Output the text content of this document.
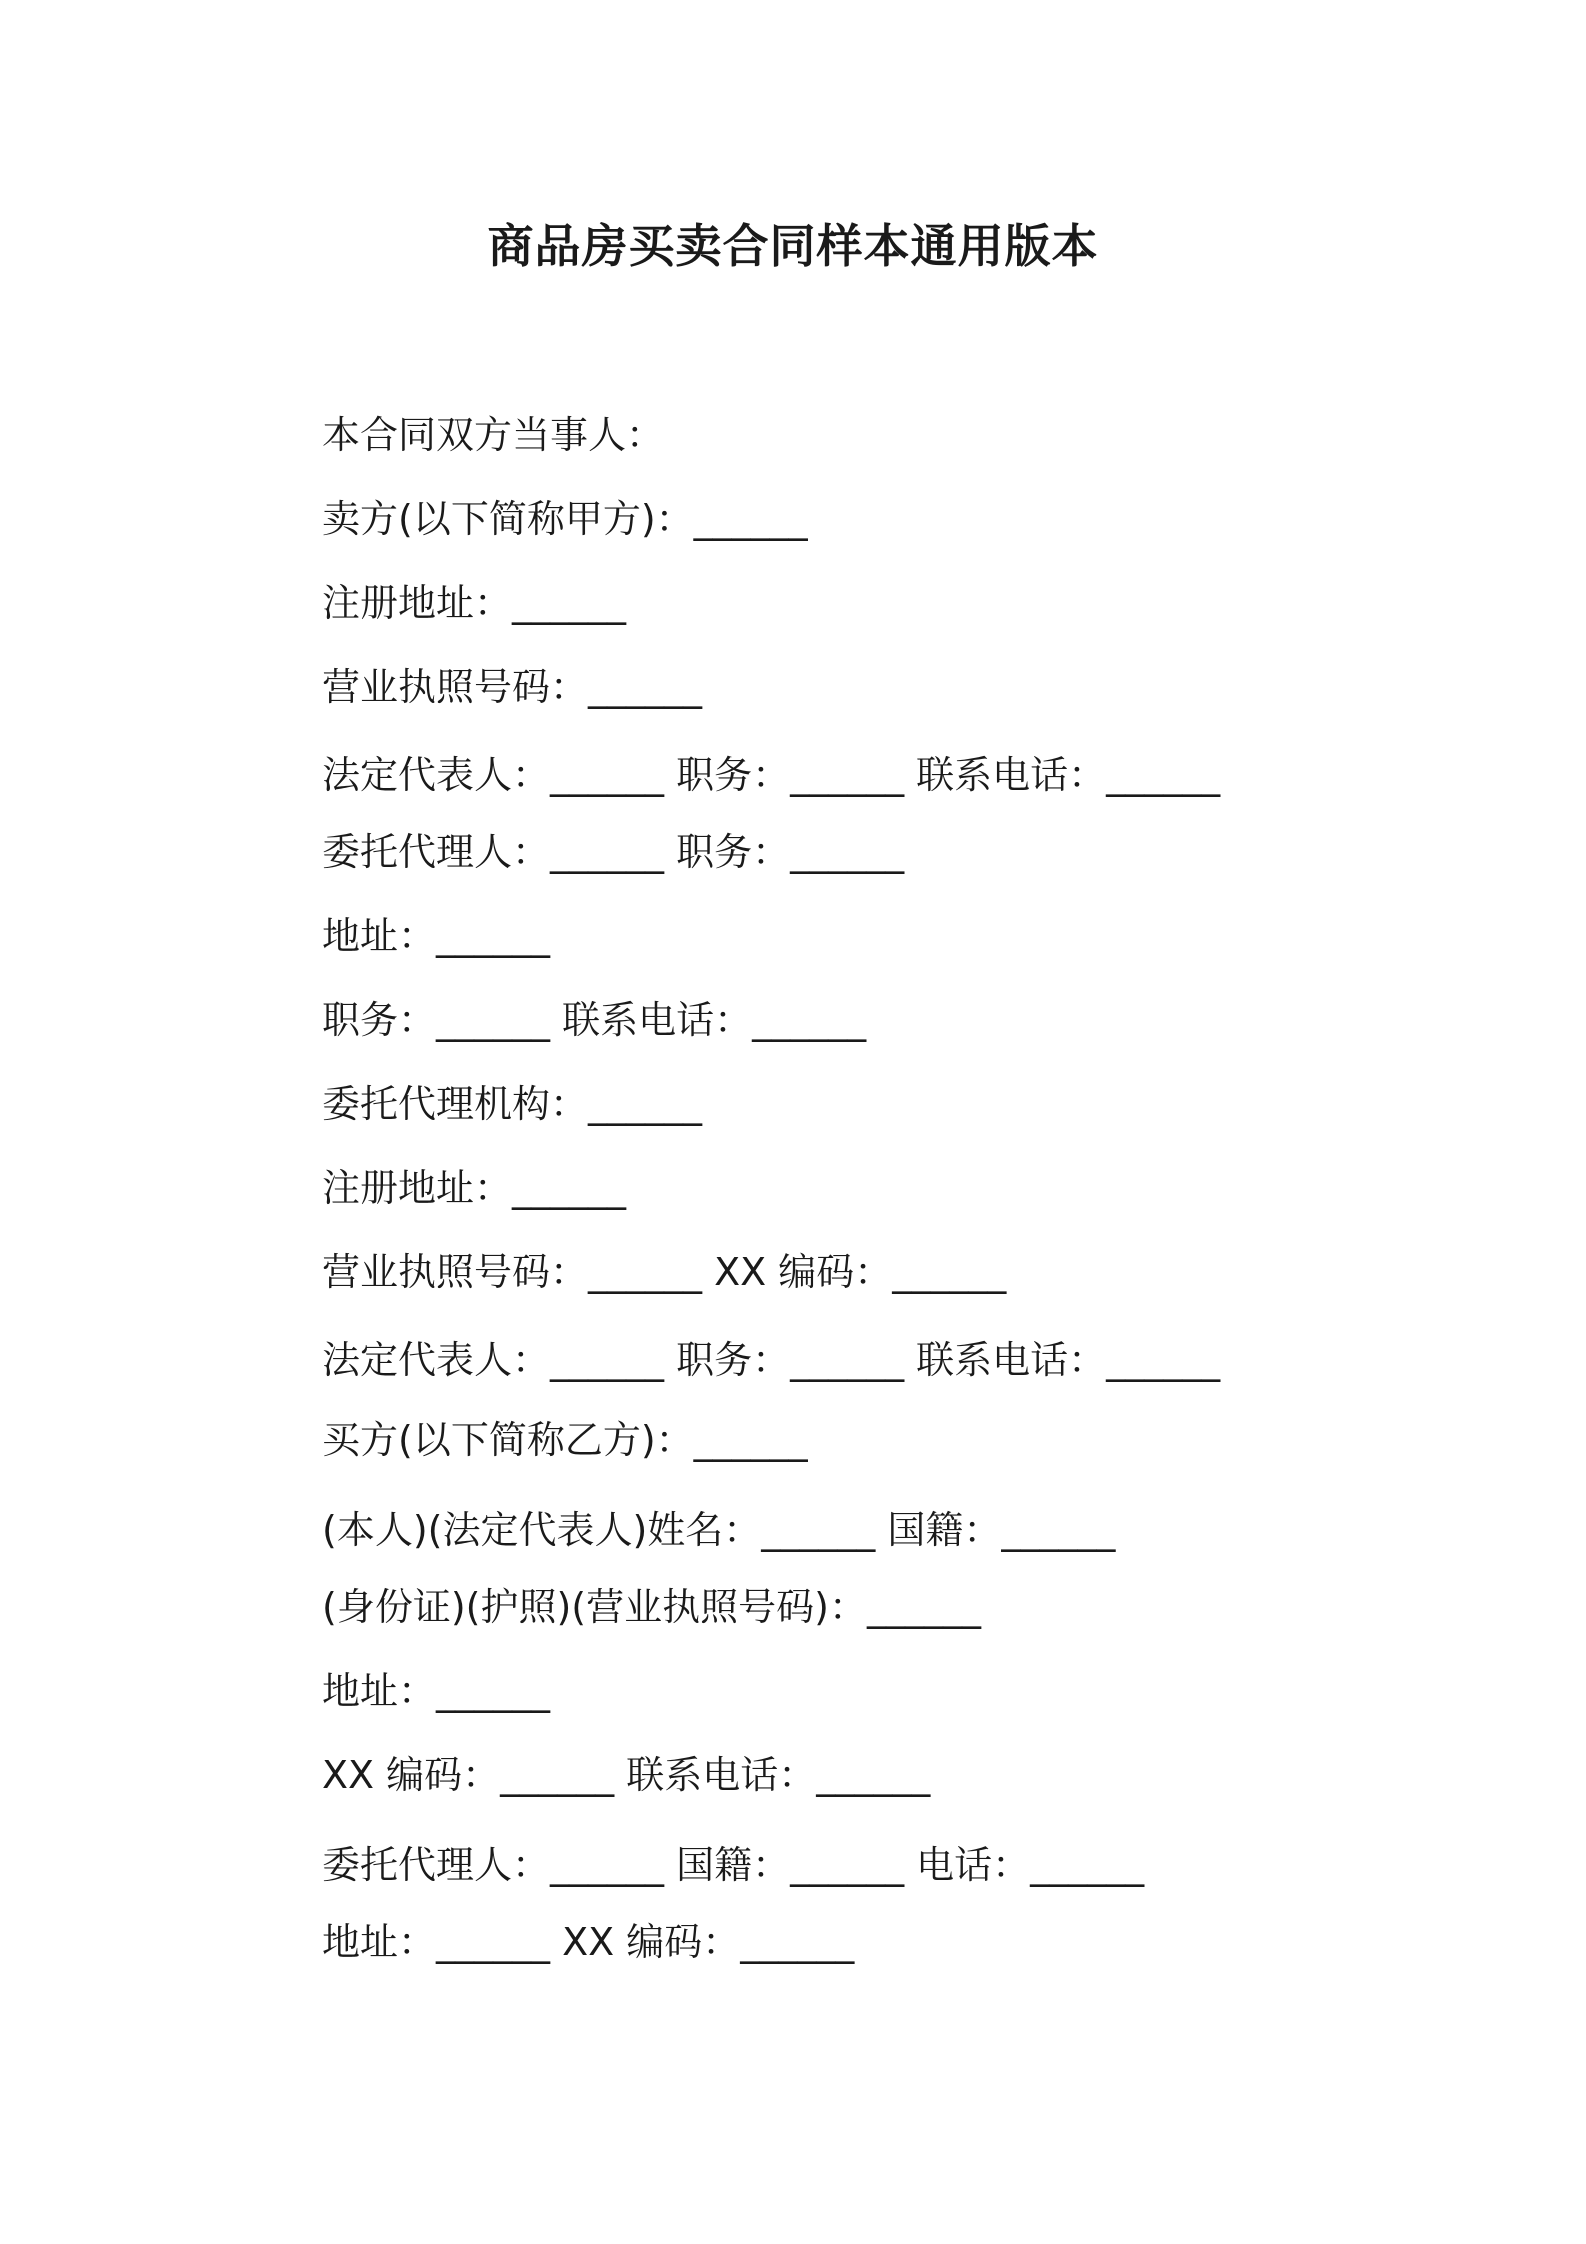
商品房买卖合同样本通用版本
本合同双方当事人：
卖方(以下简称甲方)：______
注册地址：______
营业执照号码：______
法定代表人：______ 职务：______ 联系电话：______
委托代理人：______ 职务：______
地址：______
职务：______ 联系电话：______
委托代理机构：______
注册地址：______
营业执照号码：______ XX 编码：______
法定代表人：______ 职务：______ 联系电话：______
买方(以下简称乙方)：______
(本人)(法定代表人)姓名：______ 国籍：______
(身份证)(护照)(营业执照号码)：______
地址：______
XX 编码：______ 联系电话：______
委托代理人：______ 国籍：______ 电话：______
地址：______ XX 编码：______
